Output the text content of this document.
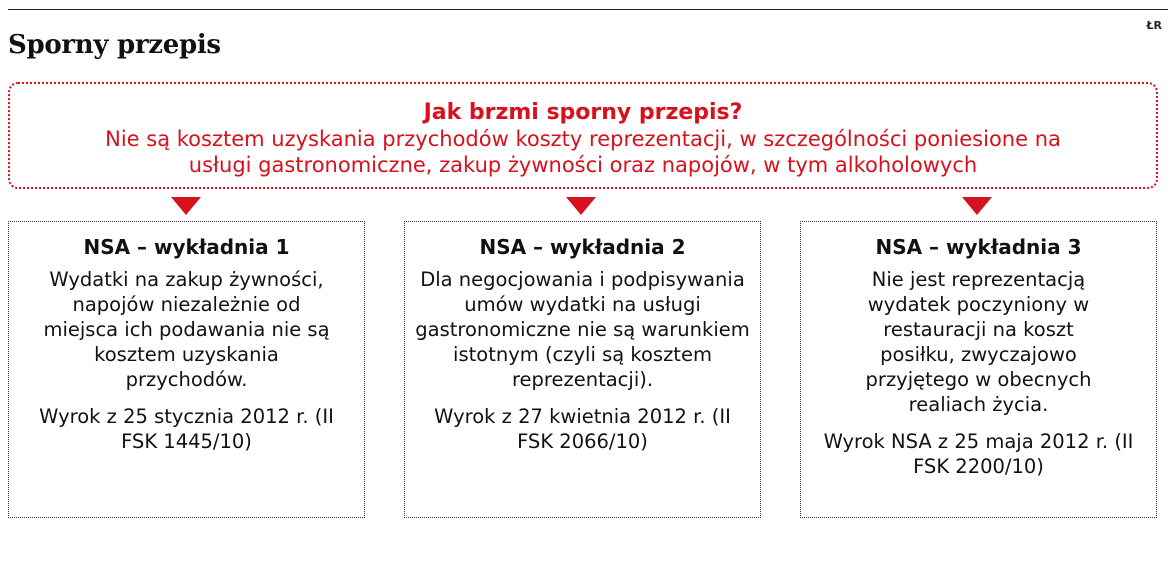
ŁR
Sporny przepis
Jak brzmi sporny przepis?
Nie są kosztem uzyskania przychodów koszty reprezentacji, w szczególności poniesione na usługi gastronomiczne, zakup żywności oraz napojów, w tym alkoholowych
NSA – wykładnia 1
Wydatki na zakup żywności, napojów niezależnie od miejsca ich podawania nie są kosztem uzyskania przychodów.
Wyrok z 25 stycznia 2012 r. (II FSK 1445/10)
NSA – wykładnia 2
Dla negocjowania i podpisywania umów wydatki na usługi gastronomiczne nie są warunkiem istotnym (czyli są kosztem reprezentacji).
Wyrok z 27 kwietnia 2012 r. (II FSK 2066/10)
NSA – wykładnia 3
Nie jest reprezentacją wydatek poczyniony w restauracji na koszt posiłku, zwyczajowo przyjętego w obecnych realiach życia.
Wyrok NSA z 25 maja 2012 r. (II FSK 2200/10)
